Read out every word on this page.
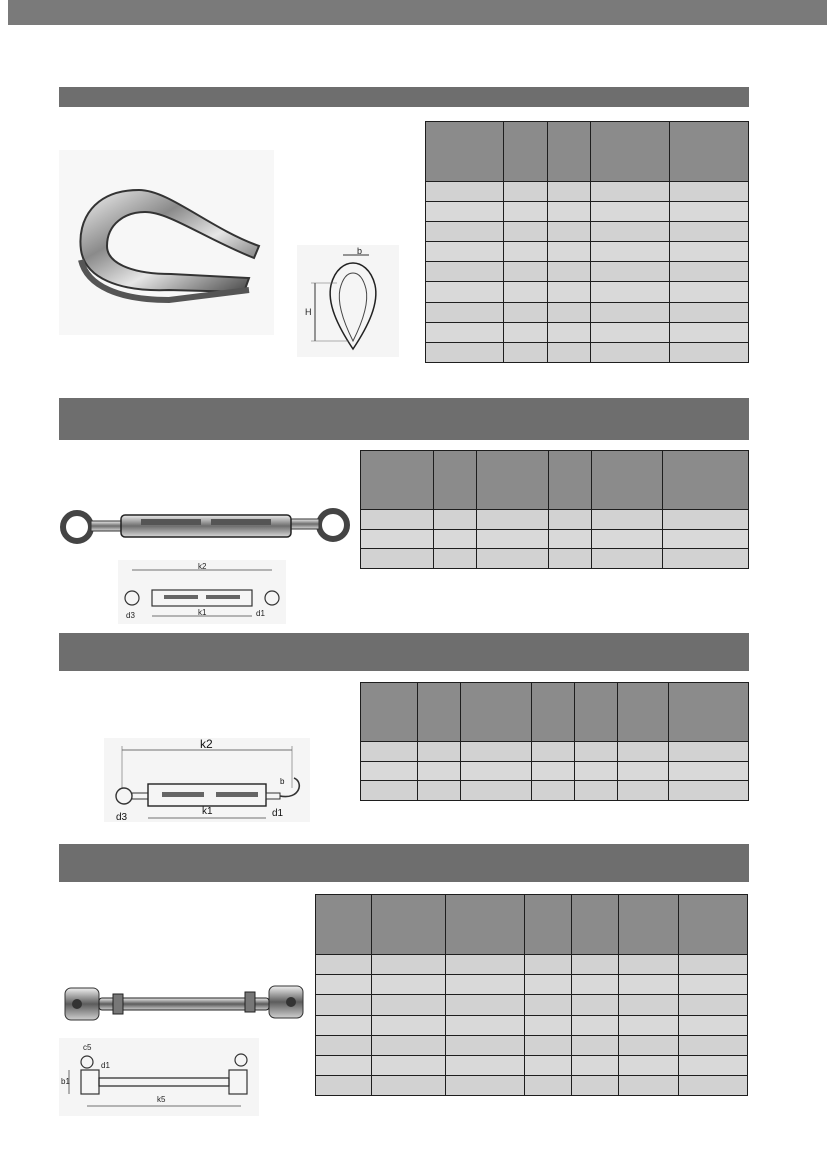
b
H

k2
k1
d3	d1

k2
k1
d3	d1
b

c5
d1
b1
k5
